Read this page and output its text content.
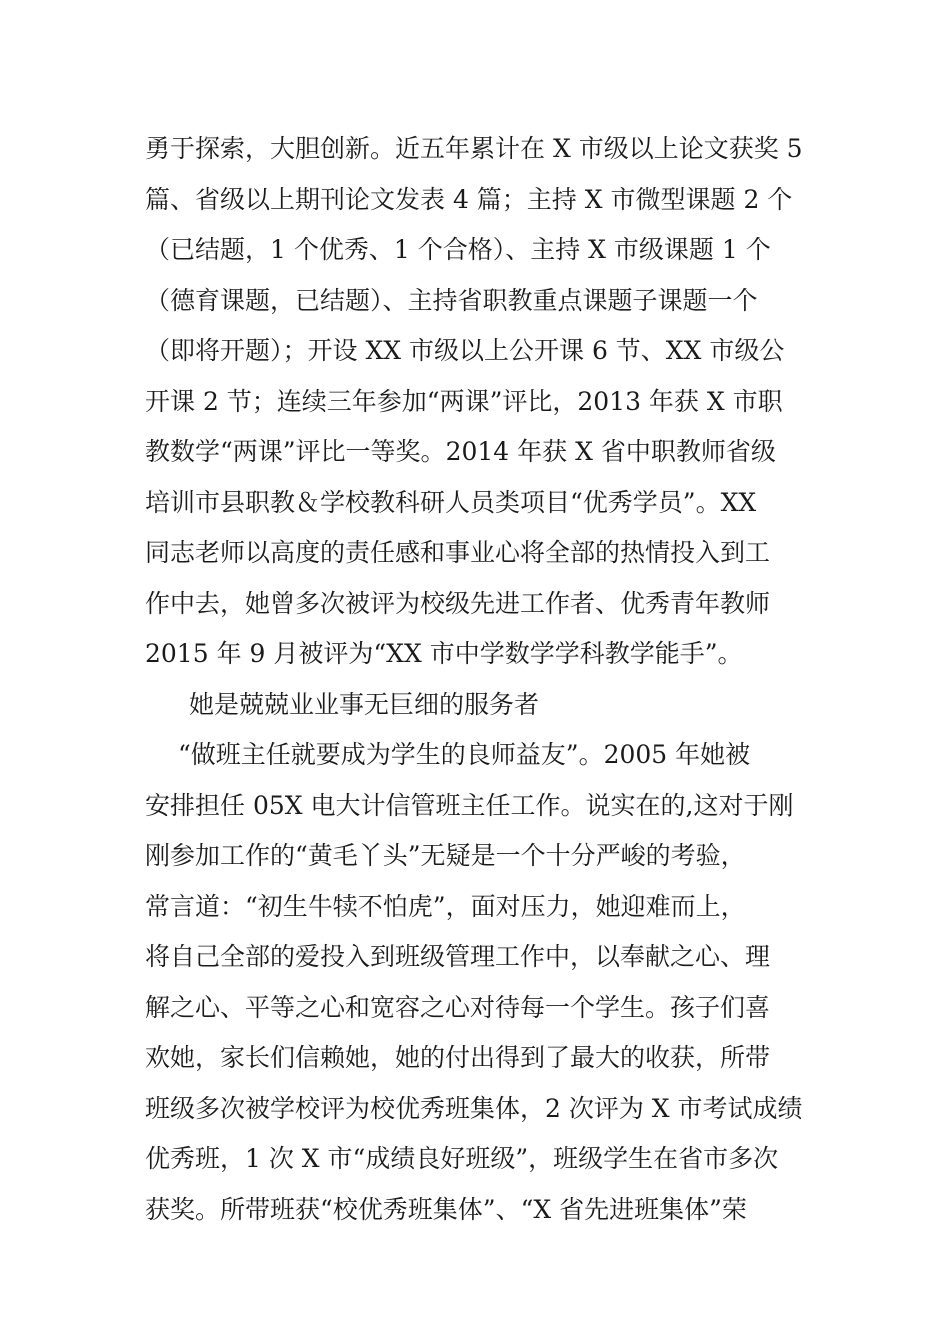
勇于探索，大胆创新。近五年累计在 X 市级以上论文获奖 5
篇、省级以上期刊论文发表 4 篇；主持 X 市微型课题 2 个
（已结题，1 个优秀、1 个合格）、主持 X 市级课题 1 个
（德育课题，已结题）、主持省职教重点课题子课题一个
（即将开题）；开设 XX 市级以上公开课 6 节、XX 市级公
开课 2 节；连续三年参加“两课”评比，2013 年获 X 市职
教数学“两课”评比一等奖。2014 年获 X 省中职教师省级
培训市县职教＆学校教科研人员类项目“优秀学员”。XX
同志老师以高度的责任感和事业心将全部的热情投入到工
作中去，她曾多次被评为校级先进工作者、优秀青年教师
2015 年 9 月被评为“XX 市中学数学学科教学能手”。
她是兢兢业业事无巨细的服务者
“做班主任就要成为学生的良师益友”。2005 年她被
安排担任 05X 电大计信管班主任工作。说实在的,这对于刚
刚参加工作的“黄毛丫头”无疑是一个十分严峻的考验，
常言道：“初生牛犊不怕虎”，面对压力，她迎难而上，
将自己全部的爱投入到班级管理工作中，以奉献之心、理
解之心、平等之心和宽容之心对待每一个学生。孩子们喜
欢她，家长们信赖她，她的付出得到了最大的收获，所带
班级多次被学校评为校优秀班集体，2 次评为 X 市考试成绩
优秀班，1 次 X 市“成绩良好班级”，班级学生在省市多次
获奖。所带班获“校优秀班集体”、“X 省先进班集体”荣
